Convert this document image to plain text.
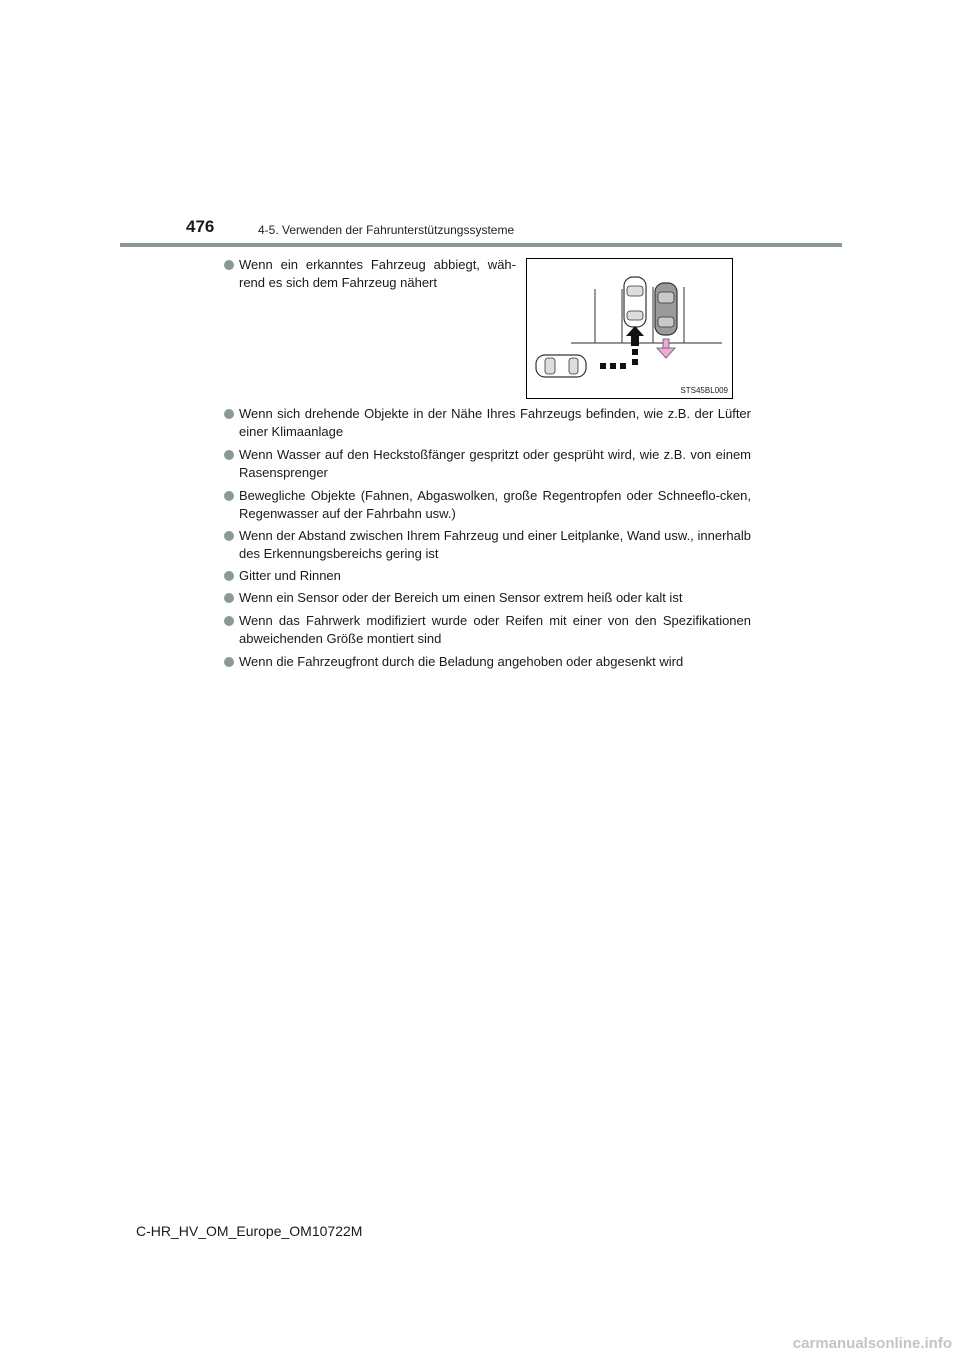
476	4-5. Verwenden der Fahrunterstützungssysteme
Wenn ein erkanntes Fahrzeug abbiegt, wäh-rend es sich dem Fahrzeug nähert
STS45BL009
Wenn sich drehende Objekte in der Nähe Ihres Fahrzeugs befinden, wie z.B. der Lüfter einer Klimaanlage
Wenn Wasser auf den Heckstoßfänger gespritzt oder gesprüht wird, wie z.B. von einem Rasensprenger
Bewegliche Objekte (Fahnen, Abgaswolken, große Regentropfen oder Schneeflo-cken, Regenwasser auf der Fahrbahn usw.)
Wenn der Abstand zwischen Ihrem Fahrzeug und einer Leitplanke, Wand usw., innerhalb des Erkennungsbereichs gering ist
Gitter und Rinnen
Wenn ein Sensor oder der Bereich um einen Sensor extrem heiß oder kalt ist
Wenn das Fahrwerk modifiziert wurde oder Reifen mit einer von den Spezifikationen abweichenden Größe montiert sind
Wenn die Fahrzeugfront durch die Beladung angehoben oder abgesenkt wird
C-HR_HV_OM_Europe_OM10722M
carmanualsonline.info
